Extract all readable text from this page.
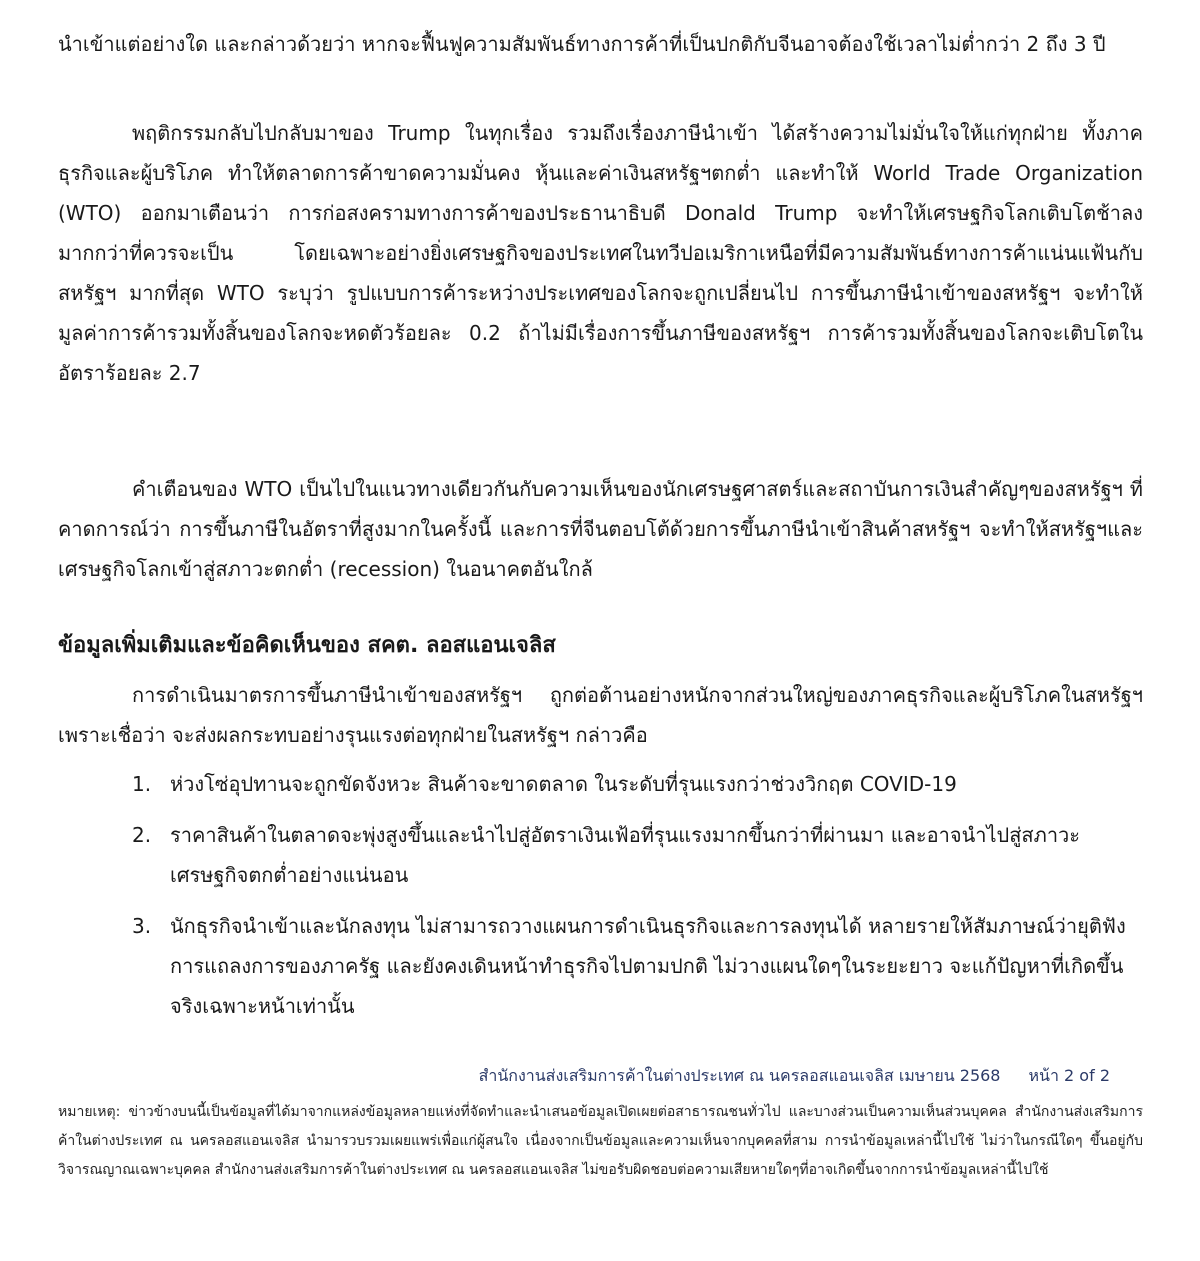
นำเข้าแต่อย่างใด และกล่าวด้วยว่า หากจะฟื้นฟูความสัมพันธ์ทางการค้าที่เป็นปกติกับจีนอาจต้องใช้เวลาไม่ต่ำกว่า 2 ถึง 3 ปี

พฤติกรรมกลับไปกลับมาของ Trump ในทุกเรื่อง รวมถึงเรื่องภาษีนำเข้า ได้สร้างความไม่มั่นใจให้แก่ทุกฝ่าย ทั้งภาคธุรกิจและผู้บริโภค ทำให้ตลาดการค้าขาดความมั่นคง หุ้นและค่าเงินสหรัฐฯตกต่ำ และทำให้ World Trade Organization (WTO) ออกมาเตือนว่า การก่อสงครามทางการค้าของประธานาธิบดี Donald Trump จะทำให้เศรษฐกิจโลกเติบโตช้าลงมากกว่าที่ควรจะเป็น โดยเฉพาะอย่างยิ่งเศรษฐกิจของประเทศในทวีปอเมริกาเหนือที่มีความสัมพันธ์ทางการค้าแน่นแฟ้นกับสหรัฐฯ มากที่สุด WTO ระบุว่า รูปแบบการค้าระหว่างประเทศของโลกจะถูกเปลี่ยนไป การขึ้นภาษีนำเข้าของสหรัฐฯ จะทำให้มูลค่าการค้ารวมทั้งสิ้นของโลกจะหดตัวร้อยละ 0.2 ถ้าไม่มีเรื่องการขึ้นภาษีของสหรัฐฯ การค้ารวมทั้งสิ้นของโลกจะเติบโตในอัตราร้อยละ 2.7

คำเตือนของ WTO เป็นไปในแนวทางเดียวกันกับความเห็นของนักเศรษฐศาสตร์และสถาบันการเงินสำคัญๆของสหรัฐฯ ที่คาดการณ์ว่า การขึ้นภาษีในอัตราที่สูงมากในครั้งนี้ และการที่จีนตอบโต้ด้วยการขึ้นภาษีนำเข้าสินค้าสหรัฐฯ จะทำให้สหรัฐฯและเศรษฐกิจโลกเข้าสู่สภาวะตกต่ำ (recession) ในอนาคตอันใกล้

ข้อมูลเพิ่มเติมและข้อคิดเห็นของ สคต. ลอสแอนเจลิส

การดำเนินมาตรการขึ้นภาษีนำเข้าของสหรัฐฯ ถูกต่อต้านอย่างหนักจากส่วนใหญ่ของภาคธุรกิจและผู้บริโภคในสหรัฐฯ เพราะเชื่อว่า จะส่งผลกระทบอย่างรุนแรงต่อทุกฝ่ายในสหรัฐฯ กล่าวคือ

1. ห่วงโซ่อุปทานจะถูกขัดจังหวะ สินค้าจะขาดตลาด ในระดับที่รุนแรงกว่าช่วงวิกฤต COVID-19
2. ราคาสินค้าในตลาดจะพุ่งสูงขึ้นและนำไปสู่อัตราเงินเฟ้อที่รุนแรงมากขึ้นกว่าที่ผ่านมา และอาจนำไปสู่สภาวะเศรษฐกิจตกต่ำอย่างแน่นอน
3. นักธุรกิจนำเข้าและนักลงทุน ไม่สามารถวางแผนการดำเนินธุรกิจและการลงทุนได้ หลายรายให้สัมภาษณ์ว่ายุติฟังการแถลงการของภาครัฐ และยังคงเดินหน้าทำธุรกิจไปตามปกติ ไม่วางแผนใดๆในระยะยาว จะแก้ปัญหาที่เกิดขึ้นจริงเฉพาะหน้าเท่านั้น
สำนักงานส่งเสริมการค้าในต่างประเทศ ณ นครลอสแอนเจลิส เมษายน 2568 หน้า 2 of 2

หมายเหตุ: ข่าวข้างบนนี้เป็นข้อมูลที่ได้มาจากแหล่งข้อมูลหลายแห่งที่จัดทำและนำเสนอข้อมูลเปิดเผยต่อสาธารณชนทั่วไป และบางส่วนเป็นความเห็นส่วนบุคคล สำนักงานส่งเสริมการค้าในต่างประเทศ ณ นครลอสแอนเจลิส นำมารวบรวมเผยแพร่เพื่อแก่ผู้สนใจ เนื่องจากเป็นข้อมูลและความเห็นจากบุคคลที่สาม การนำข้อมูลเหล่านี้ไปใช้ ไม่ว่าในกรณีใดๆ ขึ้นอยู่กับวิจารณญาณเฉพาะบุคคล สำนักงานส่งเสริมการค้าในต่างประเทศ ณ นครลอสแอนเจลิส ไม่ขอรับผิดชอบต่อความเสียหายใดๆที่อาจเกิดขึ้นจากการนำข้อมูลเหล่านี้ไปใช้
